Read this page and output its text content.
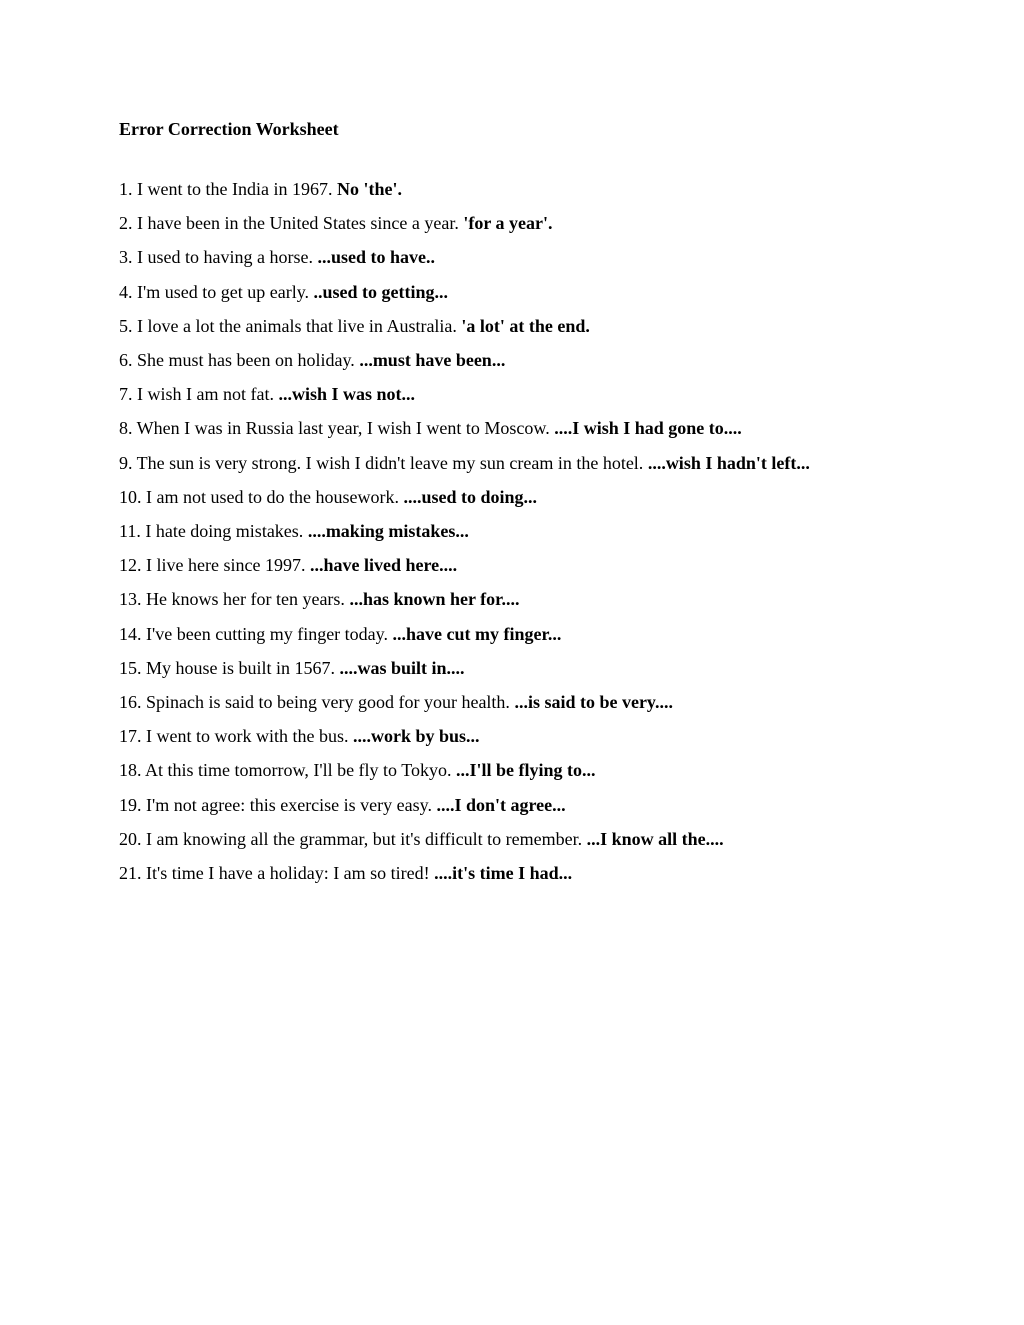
Error Correction Worksheet
1. I went to the India in 1967. No 'the'.
2. I have been in the United States since a year. 'for a year'.
3. I used to having a horse. ...used to have..
4. I'm used to get up early. ..used to getting...
5. I love a lot the animals that live in Australia. 'a lot' at the end.
6. She must has been on holiday. ...must have been...
7. I wish I am not fat. ...wish I was not...
8. When I was in Russia last year, I wish I went to Moscow. ....I wish I had gone to....
9. The sun is very strong. I wish I didn't leave my sun cream in the hotel. ....wish I hadn't left...
10. I am not used to do the housework. ....used to doing...
11. I hate doing mistakes. ....making mistakes...
12. I live here since 1997. ...have lived here....
13. He knows her for ten years. ...has known her for....
14. I've been cutting my finger today. ...have cut my finger...
15. My house is built in 1567. ....was built in....
16. Spinach is said to being very good for your health. ...is said to be very....
17. I went to work with the bus. ....work by bus...
18. At this time tomorrow, I'll be fly to Tokyo. ...I'll be flying to...
19. I'm not agree: this exercise is very easy. ....I don't agree...
20. I am knowing all the grammar, but it's difficult to remember. ...I know all the....
21. It's time I have a holiday: I am so tired! ....it's time I had...
